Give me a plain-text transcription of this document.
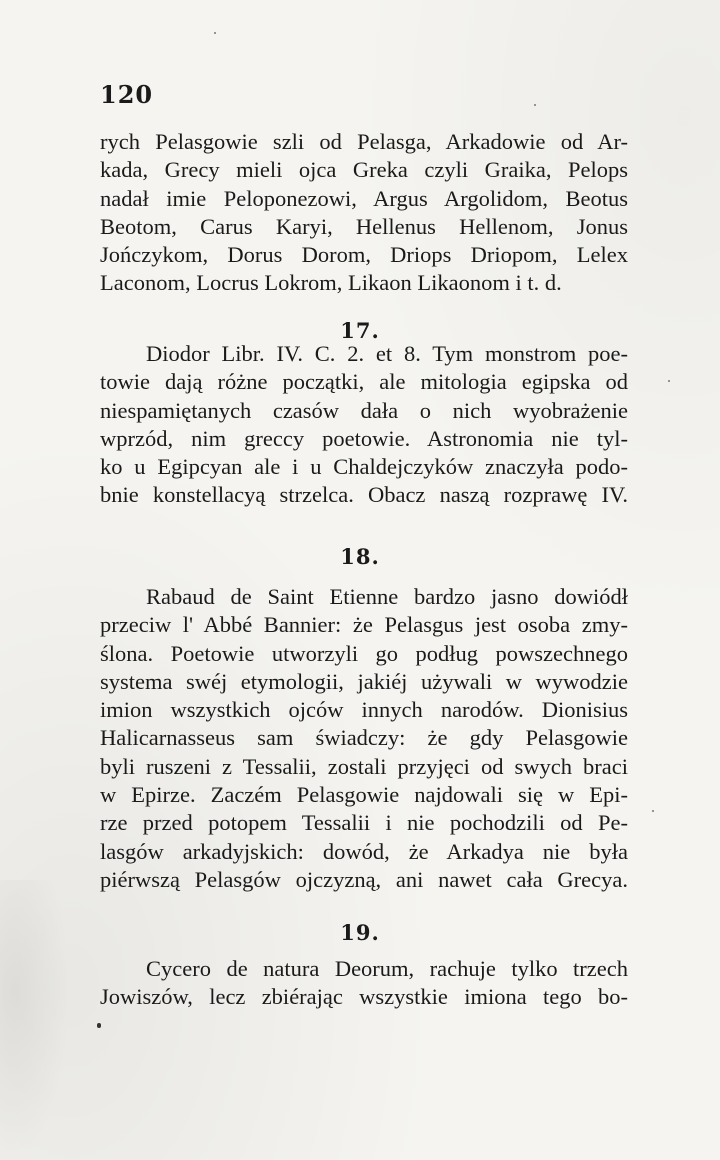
120
rych Pelasgowie szli od Pelasga, Arkadowie od Ar-
kada, Grecy mieli ojca Greka czyli Graika, Pelops
nadał imie Peloponezowi, Argus Argolidom, Beotus
Beotom, Carus Karyi, Hellenus Hellenom, Jonus
Jończykom, Dorus Dorom, Driops Driopom, Lelex
Laconom, Locrus Lokrom, Likaon Likaonom i t. d.
17.
Diodor Libr. IV. C. 2. et 8. Tym monstrom poe-
towie dają różne początki, ale mitologia egipska od
niespamiętanych czasów dała o nich wyobrażenie
wprzód, nim greccy poetowie. Astronomia nie tyl-
ko u Egipcyan ale i u Chaldejczyków znaczyła podo-
bnie konstellacyą strzelca. Obacz naszą rozprawę IV.
18.
Rabaud de Saint Etienne bardzo jasno dowiódł
przeciw l' Abbé Bannier: że Pelasgus jest osoba zmy-
ślona. Poetowie utworzyli go podług powszechnego
systema swéj etymologii, jakiéj używali w wywodzie
imion wszystkich ojców innych narodów. Dionisius
Halicarnasseus sam świadczy: że gdy Pelasgowie
byli ruszeni z Tessalii, zostali przyjęci od swych braci
w Epirze. Zaczém Pelasgowie najdowali się w Epi-
rze przed potopem Tessalii i nie pochodzili od Pe-
lasgów arkadyjskich: dowód, że Arkadya nie była
piérwszą Pelasgów ojczyzną, ani nawet cała Grecya.
19.
Cycero de natura Deorum, rachuje tylko trzech
Jowiszów, lecz zbiérając wszystkie imiona tego bo-
